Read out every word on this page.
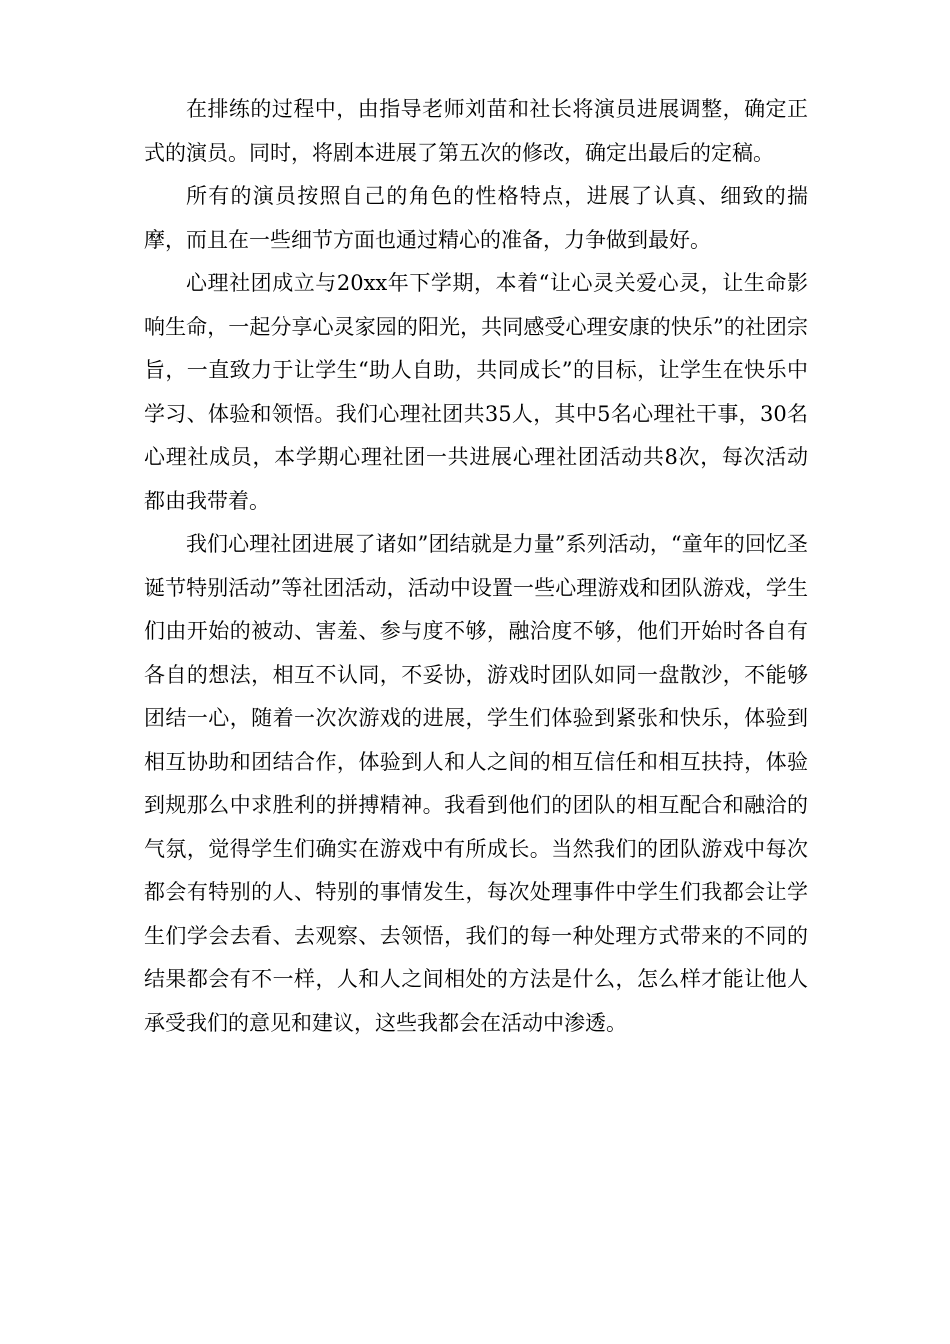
在排练的过程中，由指导老师刘苗和社长将演员进展调整，确定正式的演员。同时，将剧本进展了第五次的修改，确定出最后的定稿。

所有的演员按照自己的角色的性格特点，进展了认真、细致的揣摩，而且在一些细节方面也通过精心的准备，力争做到最好。

心理社团成立与20xx年下学期，本着“让心灵关爱心灵，让生命影响生命，一起分享心灵家园的阳光，共同感受心理安康的快乐”的社团宗旨，一直致力于让学生“助人自助，共同成长”的目标，让学生在快乐中学习、体验和领悟。我们心理社团共35人，其中5名心理社干事，30名心理社成员，本学期心理社团一共进展心理社团活动共8次，每次活动都由我带着。

我们心理社团进展了诸如”团结就是力量”系列活动，“童年的回忆圣诞节特别活动”等社团活动，活动中设置一些心理游戏和团队游戏，学生们由开始的被动、害羞、参与度不够，融洽度不够，他们开始时各自有各自的想法，相互不认同，不妥协，游戏时团队如同一盘散沙，不能够团结一心，随着一次次游戏的进展，学生们体验到紧张和快乐，体验到相互协助和团结合作，体验到人和人之间的相互信任和相互扶持，体验到规那么中求胜利的拼搏精神。我看到他们的团队的相互配合和融洽的气氛，觉得学生们确实在游戏中有所成长。当然我们的团队游戏中每次都会有特别的人、特别的事情发生，每次处理事件中学生们我都会让学生们学会去看、去观察、去领悟，我们的每一种处理方式带来的不同的结果都会有不一样，人和人之间相处的方法是什么，怎么样才能让他人承受我们的意见和建议，这些我都会在活动中渗透。
